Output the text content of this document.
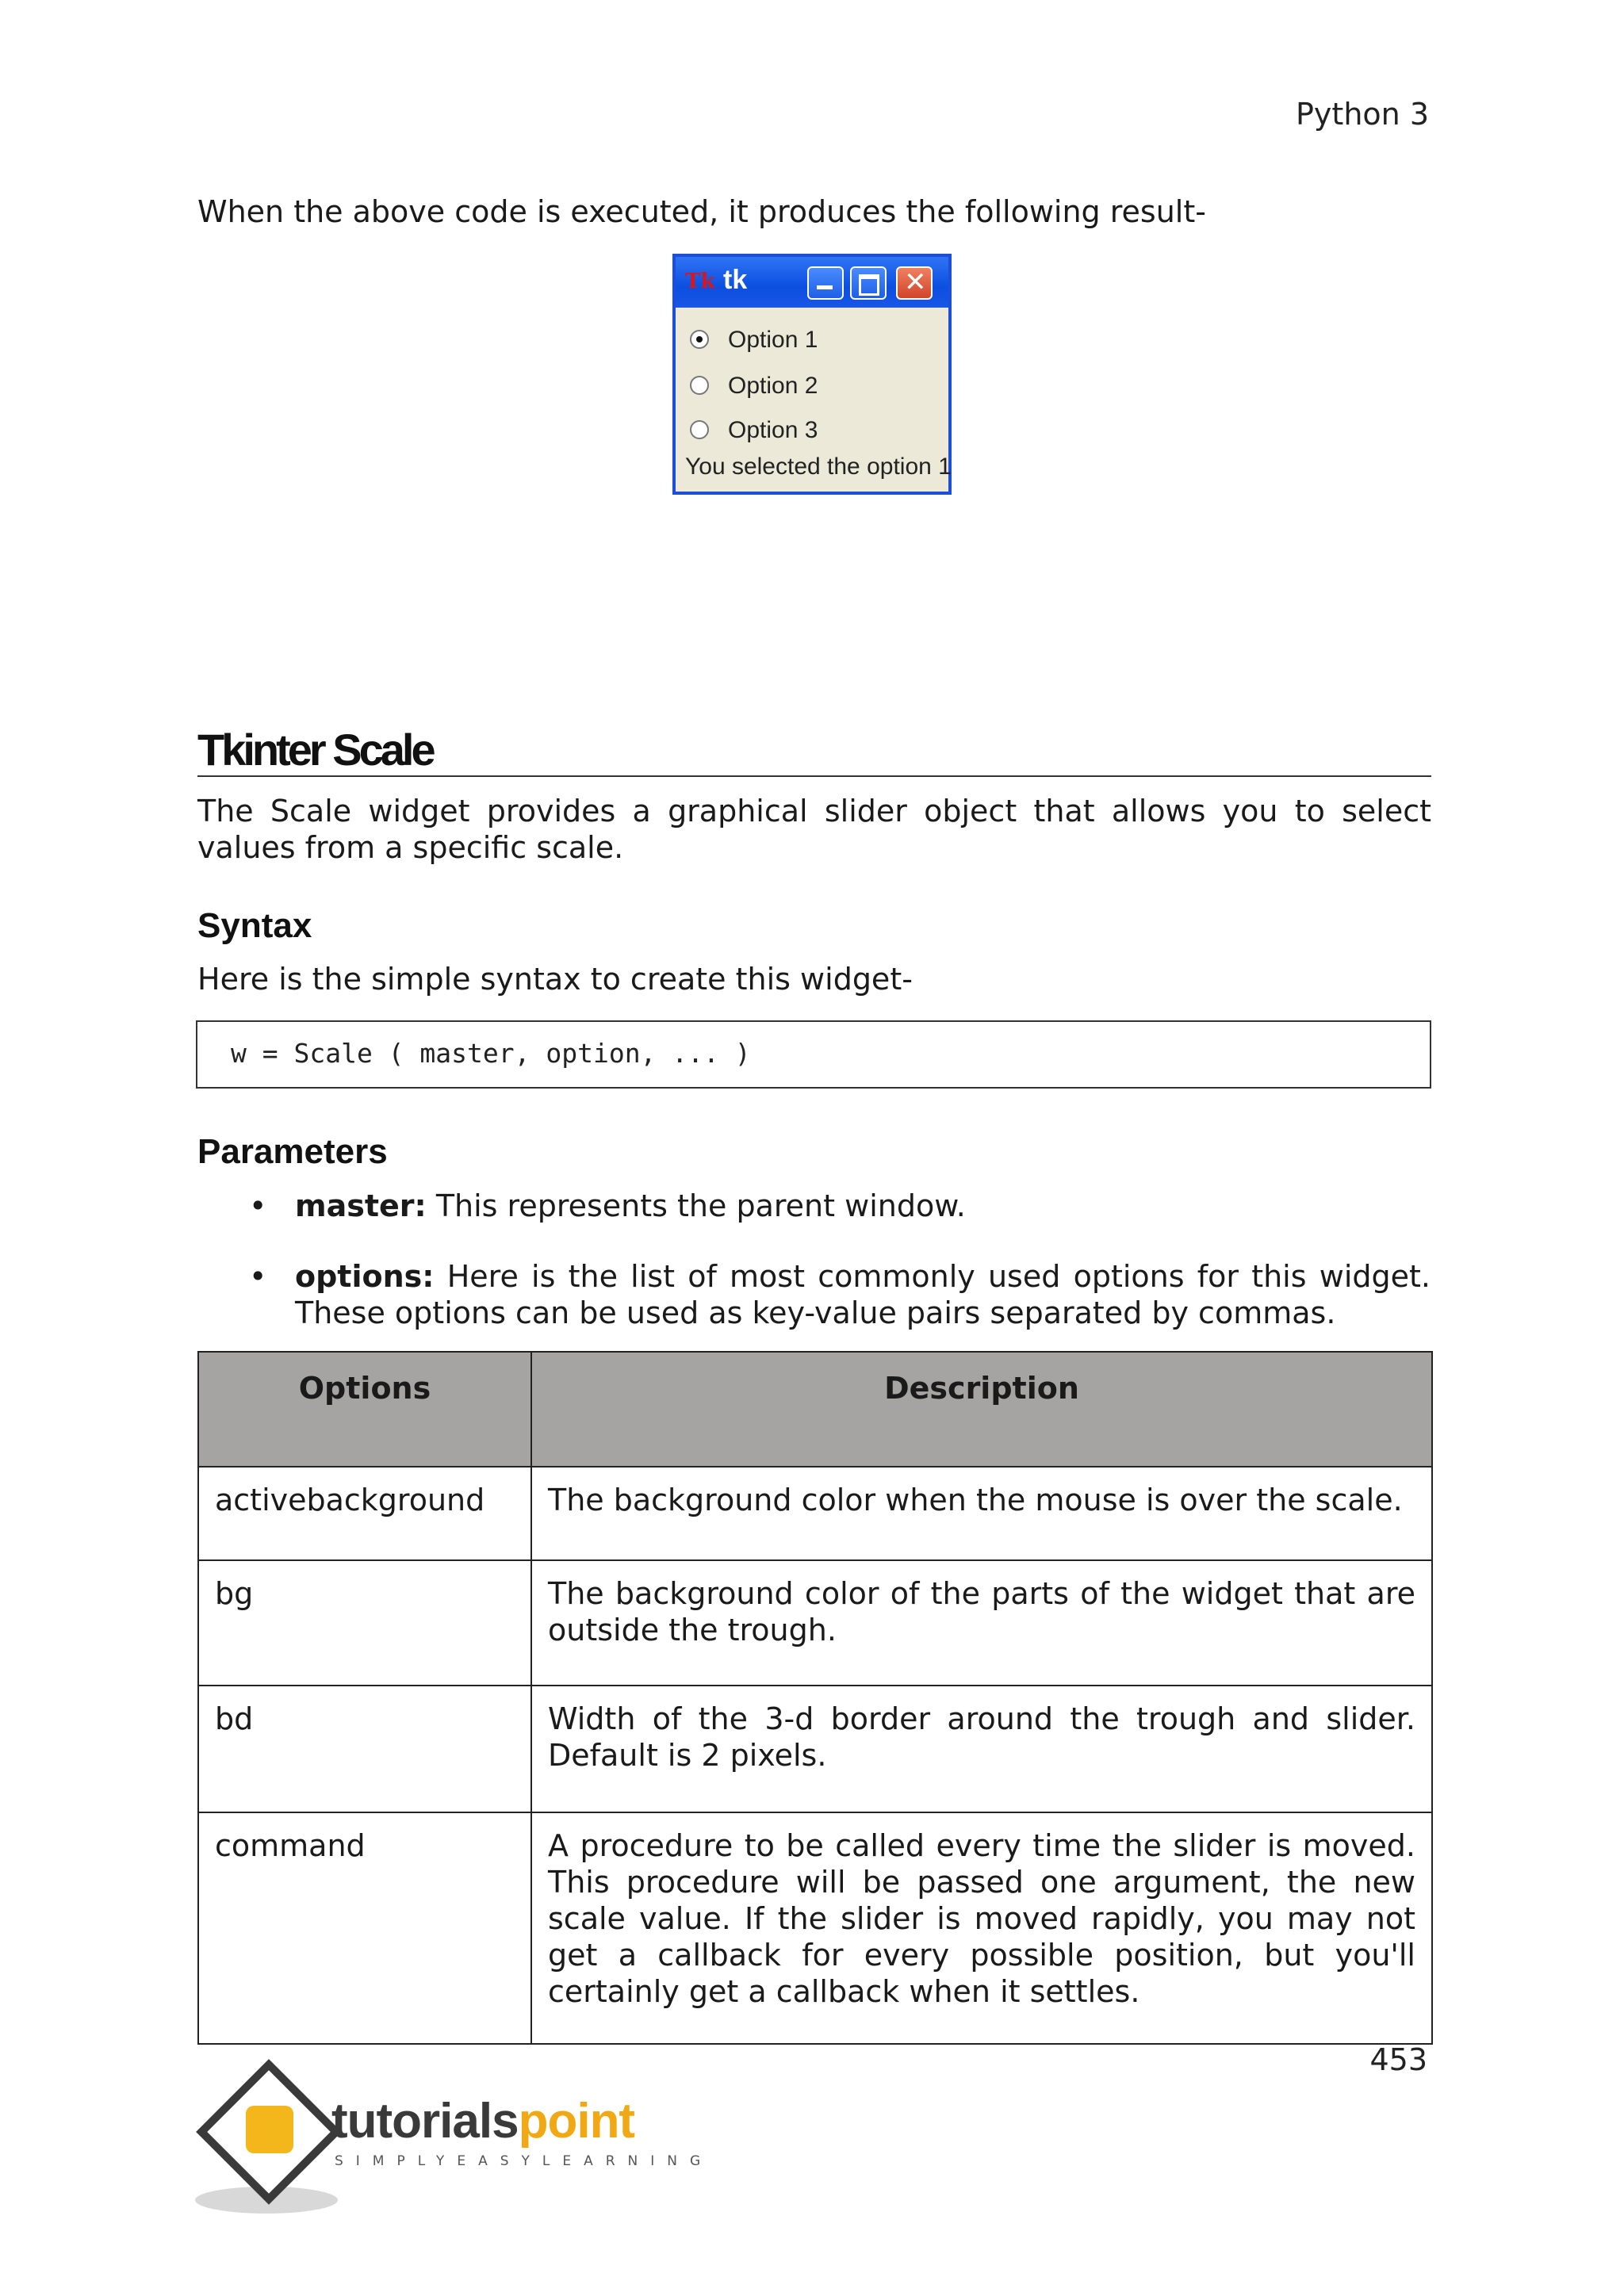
Python 3
When the above code is executed, it produces the following result-
Tk tk	✕
Option 1
Option 2
Option 3
You selected the option 1
Tkinter Scale
The Scale widget provides a graphical slider object that allows you to select values from a specific scale.
Syntax
Here is the simple syntax to create this widget-
w = Scale ( master, option, ... )
Parameters
• master: This represents the parent window.
• options: Here is the list of most commonly used options for this widget. These options can be used as key-value pairs separated by commas.
Options	Description
activebackground	The background color when the mouse is over the scale.
bg	The background color of the parts of the widget that are outside the trough.
bd	Width of the 3-d border around the trough and slider. Default is 2 pixels.
command	A procedure to be called every time the slider is moved. This procedure will be passed one argument, the new scale value. If the slider is moved rapidly, you may not get a callback for every possible position, but you'll certainly get a callback when it settles.
453
tutorialspoint
SIMPLYEASYLEARNING
